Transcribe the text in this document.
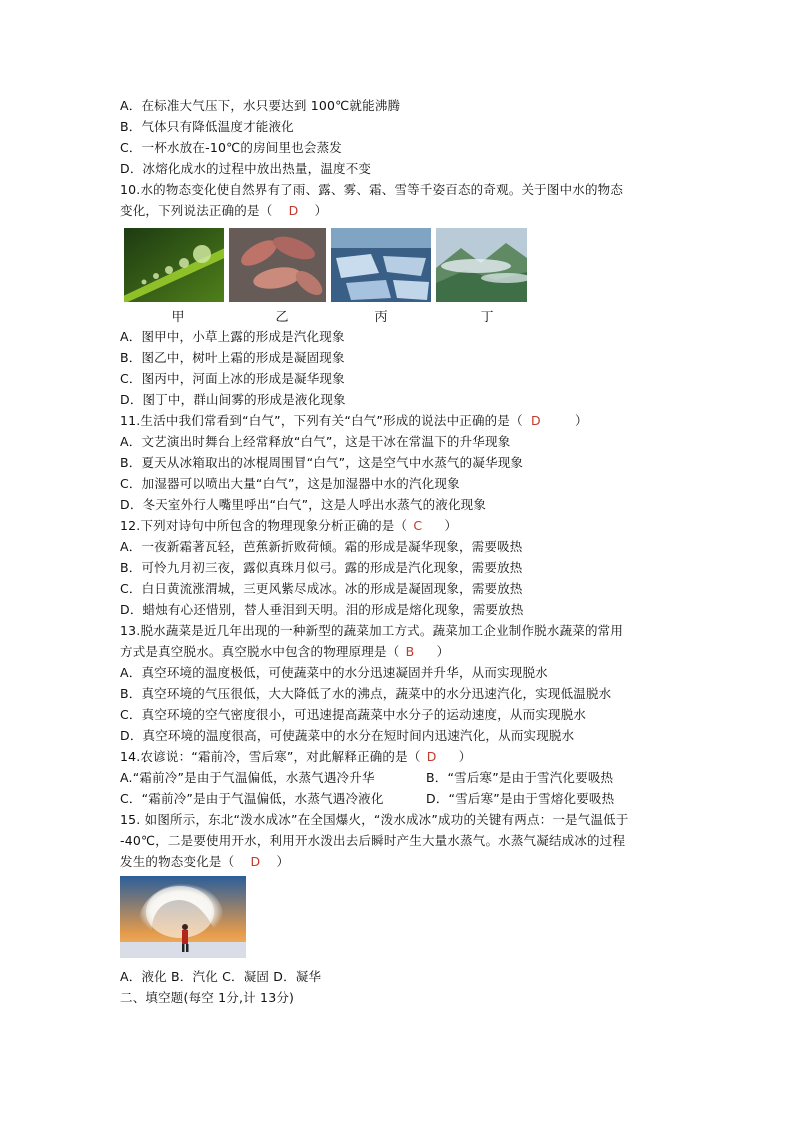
A．在标准大气压下，水只要达到 100℃就能沸腾
B．气体只有降低温度才能液化
C．一杯水放在-10℃的房间里也会蒸发
D．冰熔化成水的过程中放出热量，温度不变
10.水的物态变化使自然界有了雨、露、雾、霜、雪等千姿百态的奇观。关于图中水的物态
变化，下列说法正确的是（ D ）
甲	乙	丙	丁
A．图甲中，小草上露的形成是汽化现象
B．图乙中，树叶上霜的形成是凝固现象
C．图丙中，河面上冰的形成是凝华现象
D．图丁中，群山间雾的形成是液化现象
11.生活中我们常看到“白气”，下列有关“白气”形成的说法中正确的是（ D	）
A．文艺演出时舞台上经常释放“白气”，这是干冰在常温下的升华现象
B．夏天从冰箱取出的冰棍周围冒“白气”，这是空气中水蒸气的凝华现象
C．加湿器可以喷出大量“白气”，这是加湿器中水的汽化现象
D．冬天室外行人嘴里呼出“白气”，这是人呼出水蒸气的液化现象
12.下列对诗句中所包含的物理现象分析正确的是（ C ）
A．一夜新霜著瓦轻，芭蕉新折败荷倾。霜的形成是凝华现象，需要吸热
B．可怜九月初三夜，露似真珠月似弓。露的形成是汽化现象，需要放热
C．白日黄流涨渭城，三更风紫尽成冰。冰的形成是凝固现象，需要放热
D．蜡烛有心还惜别，替人垂泪到天明。泪的形成是熔化现象，需要放热
13.脱水蔬菜是近几年出现的一种新型的蔬菜加工方式。蔬菜加工企业制作脱水蔬菜的常用
方式是真空脱水。真空脱水中包含的物理原理是（ B ）
A．真空环境的温度极低，可使蔬菜中的水分迅速凝固并升华，从而实现脱水
B．真空环境的气压很低，大大降低了水的沸点，蔬菜中的水分迅速汽化，实现低温脱水
C．真空环境的空气密度很小，可迅速提高蔬菜中水分子的运动速度，从而实现脱水
D．真空环境的温度很高，可使蔬菜中的水分在短时间内迅速汽化，从而实现脱水
14.农谚说：“霜前冷，雪后寒”，对此解释正确的是（ D ）
A.“霜前冷”是由于气温偏低，水蒸气遇冷升华	B．“雪后寒”是由于雪汽化要吸热
C．“霜前冷”是由于气温偏低，水蒸气遇冷液化	D．“雪后寒”是由于雪熔化要吸热
15. 如图所示，东北“泼水成冰”在全国爆火，“泼水成冰”成功的关键有两点：一是气温低于
-40℃，二是要使用开水，利用开水泼出去后瞬时产生大量水蒸气。水蒸气凝结成冰的过程
发生的物态变化是（ D ）
A．液化 B．汽化 C．凝固 D．凝华
二、填空题(每空 1分,计 13分)
